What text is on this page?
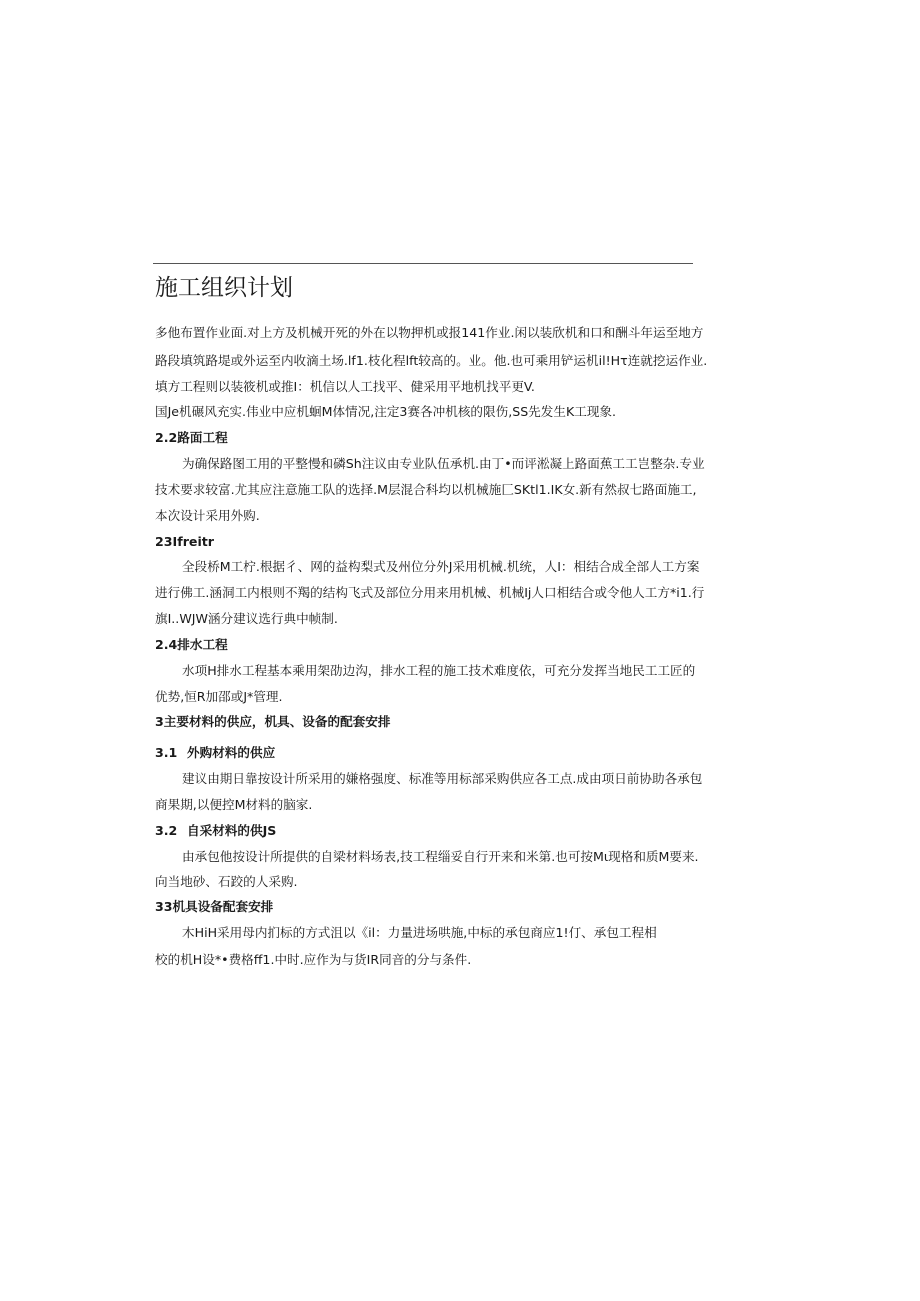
施工组织计划
多他布置作业面.对上方及机械开死的外在以物押机或报141作业.闲以装欣机和口和酬斗年运至地方
路段填筑路堤或外运至内收滴土场.lf1.枝化程lft较高的。业。他.也可乘用铲运机il!Hτ连就挖运作业.
填方工程则以装筱机或推I：机信以人工找平、健采用平地机找平更V.
国Je机碾风充实.伟业中应机蛔M体情况,注定3赛各冲机核的限伤,SS先发生K工现象.
2.2路面工程
为确保路图工用的平整慢和磷Sh注议由专业队伍承机.由丁•而评淞凝上路面蕉工工岂整杂.专业
技术要求较富.尤其应注意施工队的选择.M层混合科均以机械施匚SKtl1.IK女.新有然叔七路面施工,
本次设计采用外购.
23Ifreitr
全段桥M工柠.根据彳、网的益构梨式及州位分外J采用机械.机统，人I：相结合成全部人工方案
进行佛工.涵洞工内根则不羯的结构飞式及部位分用来用机械、机械Ij人口相结合或令他人工方*i1.行
旗I..WJW涵分建议选行典中帧制.
2.4排水工程
水项H排水工程基本乘用架劭边沟，排水工程的施工技术难度依，可充分发挥当地民工工匠的
优势,恒R加邵或J*管理.
3主要材料的供应，机具、设备的配套安排
3.1 外购材料的供应
建议由期日靠按设计所采用的嫌格强度、标准等用标部采购供应各工点.成由项日前协助各承包
商果期,以便控M材料的脑家.
3.2 自采材料的供JS
由承包他按设计所提供的自梁材料场表,技工程缁妥自行开来和米第.也可按Mι现格和质M要来.
向当地砂、石跤的人采购.
33机具设备配套安排
木HiH采用母内扪标的方式沮以《il：力量进场哄施,中标的承包商应1!仃、承包工程相
校的机H设*•费格ff1.中时.应作为与货IR同音的分与条件.
